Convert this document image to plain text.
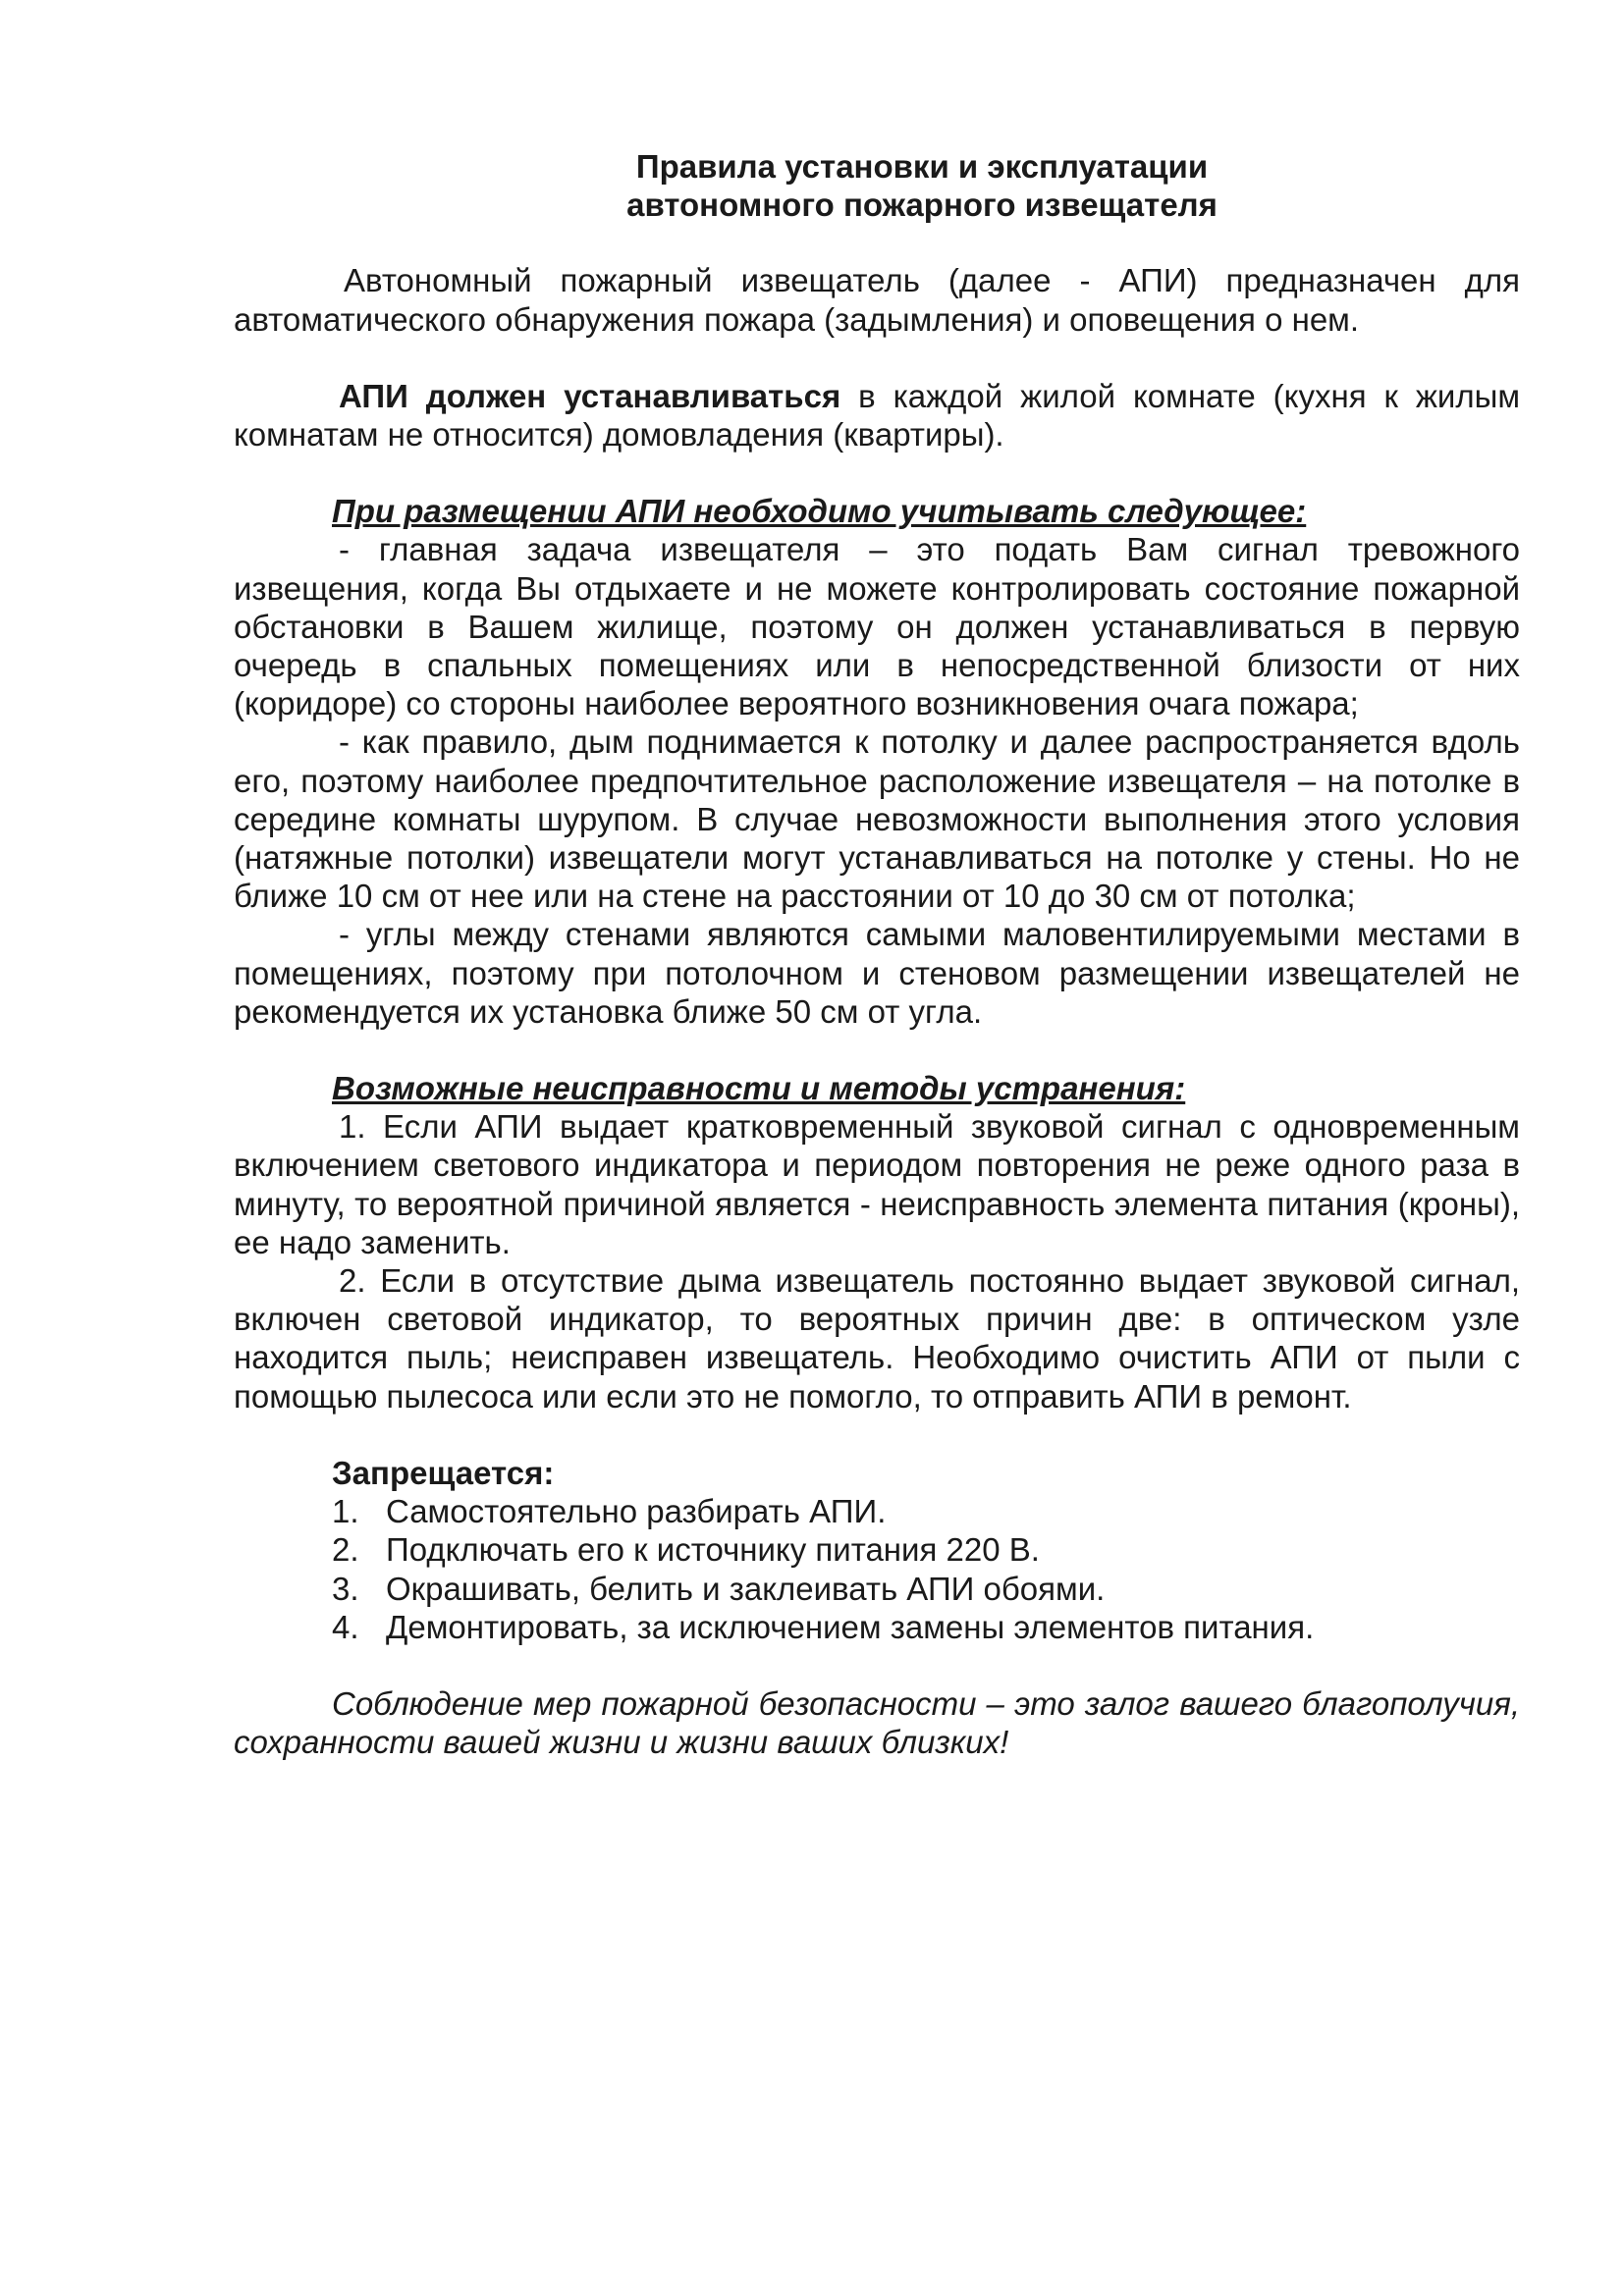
Правила установки и эксплуатации
автономного пожарного извещателя

Автономный пожарный извещатель (далее - АПИ) предназначен для автоматического обнаружения пожара (задымления) и оповещения о нем.

АПИ должен устанавливаться в каждой жилой комнате (кухня к жилым комнатам не относится) домовладения (квартиры).

При размещении АПИ необходимо учитывать следующее:

- главная задача извещателя – это подать Вам сигнал тревожного извещения, когда Вы отдыхаете и не можете контролировать состояние пожарной обстановки в Вашем жилище, поэтому он должен устанавливаться в первую очередь в спальных помещениях или в непосредственной близости от них (коридоре) со стороны наиболее вероятного возникновения очага пожара;

- как правило, дым поднимается к потолку и далее распространяется вдоль его, поэтому наиболее предпочтительное расположение извещателя – на потолке в середине комнаты шурупом. В случае невозможности выполнения этого условия (натяжные потолки) извещатели могут устанавливаться на потолке у стены. Но не ближе 10 см от нее или на стене на расстоянии от 10 до 30 см от потолка;

- углы между стенами являются самыми маловентилируемыми местами в помещениях, поэтому при потолочном и стеновом размещении извещателей не рекомендуется их установка ближе 50 см от угла.

Возможные неисправности и методы устранения:

1. Если АПИ выдает кратковременный звуковой сигнал с одновременным включением светового индикатора и периодом повторения не реже одного раза в минуту, то вероятной причиной является - неисправность элемента питания (кроны), ее надо заменить.

2. Если в отсутствие дыма извещатель постоянно выдает звуковой сигнал, включен световой индикатор, то вероятных причин две: в оптическом узле находится пыль; неисправен извещатель. Необходимо очистить АПИ от пыли с помощью пылесоса или если это не помогло, то отправить АПИ в ремонт.

Запрещается:

1. Самостоятельно разбирать АПИ.
2. Подключать его к источнику питания 220 В.
3. Окрашивать, белить и заклеивать АПИ обоями.
4. Демонтировать, за исключением замены элементов питания.

Соблюдение мер пожарной безопасности – это залог вашего благополучия, сохранности вашей жизни и жизни ваших близких!
